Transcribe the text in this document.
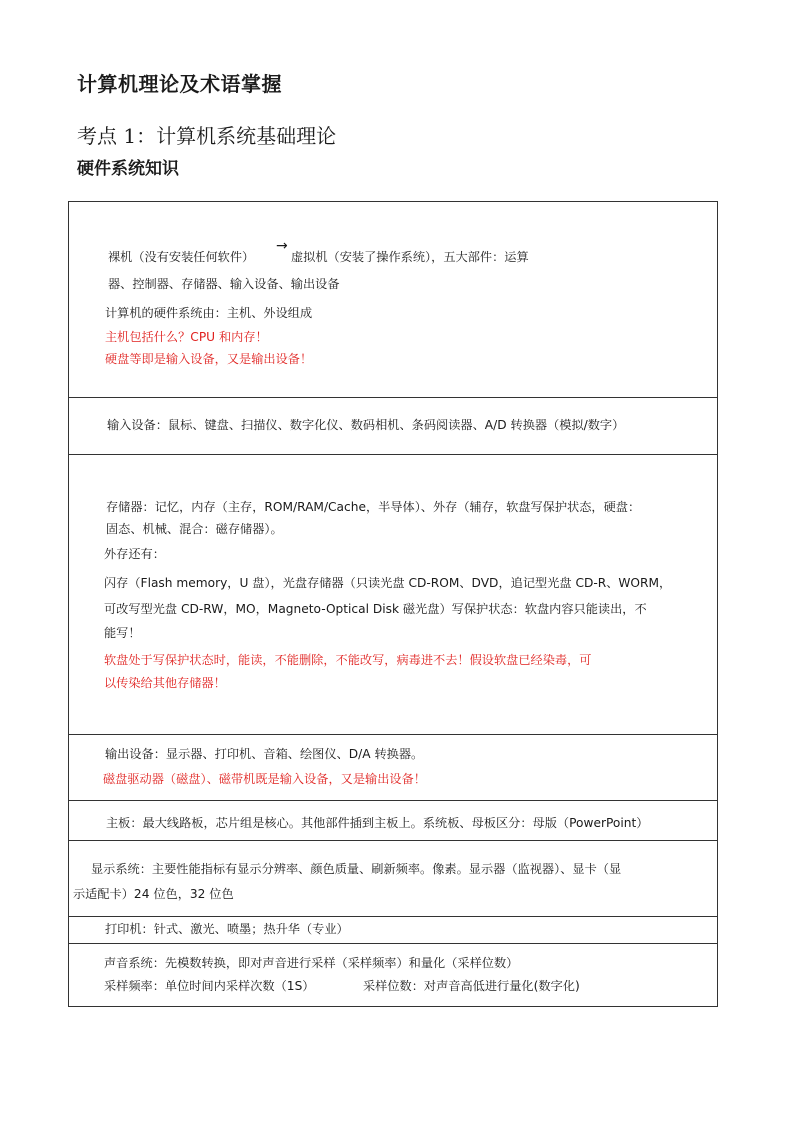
计算机理论及术语掌握
考点 1：计算机系统基础理论
硬件系统知识
裸机（没有安装任何软件）
→
虚拟机（安装了操作系统），五大部件：运算
器、控制器、存储器、输入设备、输出设备
计算机的硬件系统由：主机、外设组成
主机包括什么？CPU 和内存！
硬盘等即是输入设备，又是输出设备！
输入设备：鼠标、键盘、扫描仪、数字化仪、数码相机、条码阅读器、A/D 转换器（模拟/数字）
存储器：记忆，内存（主存，ROM/RAM/Cache，半导体）、外存（辅存，软盘写保护状态，硬盘：
固态、机械、混合：磁存储器）。
外存还有：
闪存（Flash memory，U 盘），光盘存储器（只读光盘 CD-ROM、DVD，追记型光盘 CD-R、WORM，
可改写型光盘 CD-RW，MO，Magneto-Optical Disk 磁光盘）写保护状态：软盘内容只能读出，不
能写！
软盘处于写保护状态时，能读，不能删除，不能改写，病毒进不去！假设软盘已经染毒，可
以传染给其他存储器！
输出设备：显示器、打印机、音箱、绘图仪、D/A 转换器。
磁盘驱动器（磁盘）、磁带机既是输入设备，又是输出设备！
主板：最大线路板，芯片组是核心。其他部件插到主板上。系统板、母板区分：母版（PowerPoint）
显示系统：主要性能指标有显示分辨率、颜色质量、刷新频率。像素。显示器（监视器）、显卡（显
示适配卡）24 位色，32 位色
打印机：针式、激光、喷墨；热升华（专业）
声音系统：先模数转换，即对声音进行采样（采样频率）和量化（采样位数）
采样频率：单位时间内采样次数（1S）	采样位数：对声音高低进行量化(数字化)
